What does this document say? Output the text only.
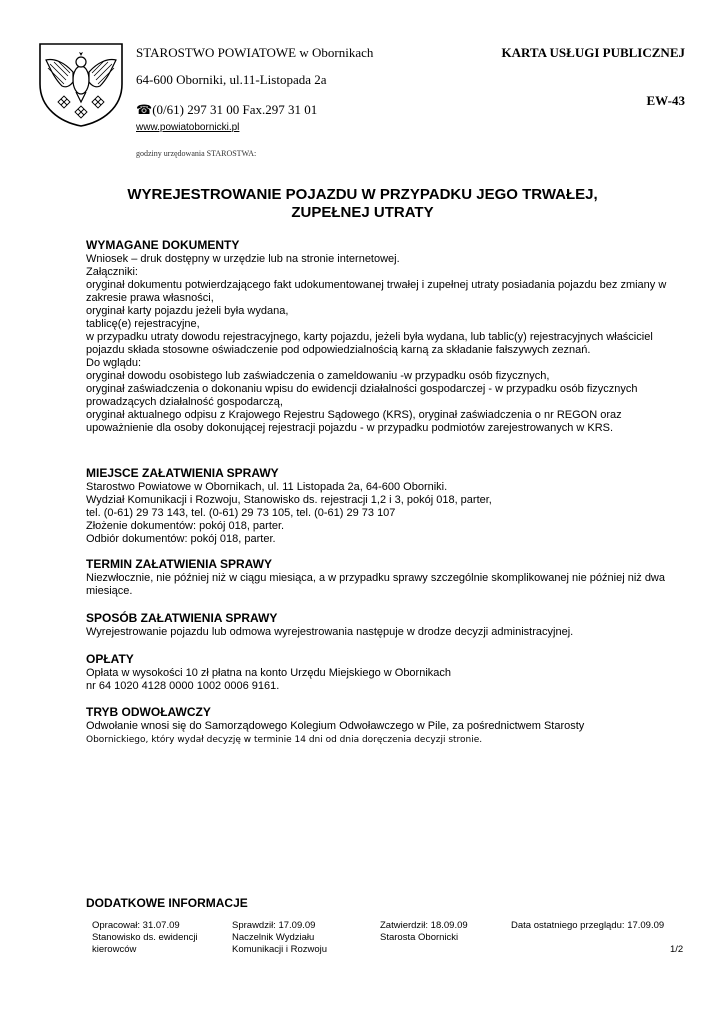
STAROSTWO POWIATOWE w Obornikach	KARTA USŁUGI PUBLICZNEJ
64-600 Oborniki, ul.11-Listopada 2a
EW-43
☎(0/61) 297 31 00 Fax.297 31 01
www.powiatobornicki.pl
godziny urzędowania STAROSTWA:
WYREJESTROWANIE POJAZDU W PRZYPADKU JEGO TRWAŁEJ,
ZUPEŁNEJ UTRATY
WYMAGANE DOKUMENTY

Wniosek – druk dostępny w urzędzie lub na stronie internetowej.

Załączniki:

oryginał dokumentu potwierdzającego fakt udokumentowanej trwałej i zupełnej utraty posiadania pojazdu bez zmiany w zakresie prawa własności,

oryginał karty pojazdu jeżeli była wydana,

tablicę(e) rejestracyjne,

w przypadku utraty dowodu rejestracyjnego, karty pojazdu, jeżeli była wydana, lub tablic(y) rejestracyjnych właściciel pojazdu składa stosowne oświadczenie pod odpowiedzialnością karną za składanie fałszywych zeznań.

Do wglądu:

oryginał dowodu osobistego lub zaświadczenia o zameldowaniu -w przypadku osób fizycznych,

oryginał zaświadczenia o dokonaniu wpisu do ewidencji działalności gospodarczej - w przypadku osób fizycznych prowadzących działalność gospodarczą,

oryginał aktualnego odpisu z Krajowego Rejestru Sądowego (KRS), oryginał zaświadczenia o nr REGON oraz upoważnienie dla osoby dokonującej rejestracji pojazdu - w przypadku podmiotów zarejestrowanych w KRS.

MIEJSCE ZAŁATWIENIA SPRAWY

Starostwo Powiatowe w Obornikach, ul. 11 Listopada 2a, 64-600 Oborniki.

Wydział Komunikacji i Rozwoju, Stanowisko ds. rejestracji 1,2 i 3, pokój 018, parter,

tel. (0-61) 29 73 143, tel. (0-61) 29 73 105, tel. (0-61) 29 73 107

Złożenie dokumentów: pokój 018, parter.

Odbiór dokumentów: pokój 018, parter.

TERMIN ZAŁATWIENIA SPRAWY

Niezwłocznie, nie później niż w ciągu miesiąca, a w przypadku sprawy szczególnie skomplikowanej nie później niż dwa miesiące.

SPOSÓB ZAŁATWIENIA SPRAWY

Wyrejestrowanie pojazdu lub odmowa wyrejestrowania następuje w drodze decyzji administracyjnej.

OPŁATY

Opłata w wysokości 10 zł płatna na konto Urzędu Miejskiego w Obornikach

nr 64 1020 4128 0000 1002 0006 9161.

TRYB ODWOŁAWCZY

Odwołanie wnosi się do Samorządowego Kolegium Odwoławczego w Pile, za pośrednictwem Starosty

Obornickiego, który wydał decyzję w terminie 14 dni od dnia doręczenia decyzji stronie.

DODATKOWE INFORMACJE
Opracował: 31.07.09
Stanowisko ds. ewidencji
kierowców
Sprawdził: 17.09.09
Naczelnik Wydziału
Komunikacji i Rozwoju
Zatwierdził: 18.09.09
Starosta Obornicki
Data ostatniego przeglądu: 17.09.09
1/2
